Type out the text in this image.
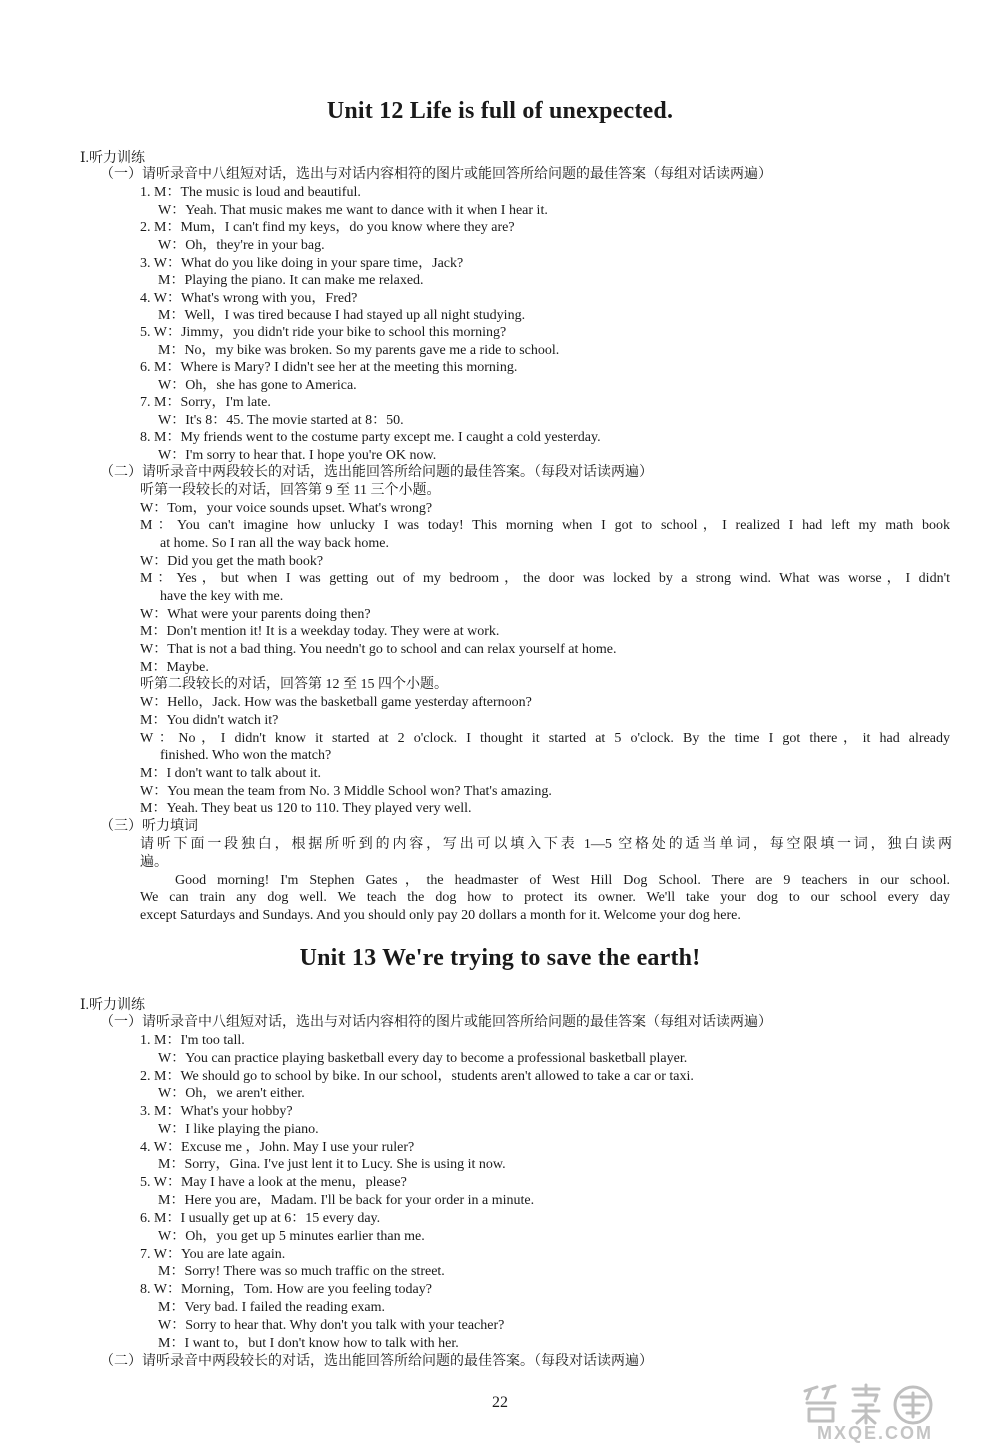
Unit 12 Life is full of unexpected.
Ⅰ.听力训练
（一）请听录音中八组短对话，选出与对话内容相符的图片或能回答所给问题的最佳答案（每组对话读两遍）
1. M：The music is loud and beautiful.
W：Yeah. That music makes me want to dance with it when I hear it.
2. M：Mum，I can't find my keys，do you know where they are?
W：Oh，they're in your bag.
3. W：What do you like doing in your spare time，Jack?
M：Playing the piano. It can make me relaxed.
4. W：What's wrong with you，Fred?
M：Well，I was tired because I had stayed up all night studying.
5. W：Jimmy，you didn't ride your bike to school this morning?
M：No，my bike was broken. So my parents gave me a ride to school.
6. M：Where is Mary? I didn't see her at the meeting this morning.
W：Oh，she has gone to America.
7. M：Sorry，I'm late.
W：It's 8：45. The movie started at 8：50.
8. M：My friends went to the costume party except me. I caught a cold yesterday.
W：I'm sorry to hear that. I hope you're OK now.
（二）请听录音中两段较长的对话，选出能回答所给问题的最佳答案。（每段对话读两遍）
听第一段较长的对话，回答第 9 至 11 三个小题。
W：Tom，your voice sounds upset. What's wrong?
M：You can't imagine how unlucky I was today! This morning when I got to school，I realized I had left my math book
at home. So I ran all the way back home.
W：Did you get the math book?
M：Yes，but when I was getting out of my bedroom，the door was locked by a strong wind. What was worse，I didn't
have the key with me.
W：What were your parents doing then?
M：Don't mention it! It is a weekday today. They were at work.
W：That is not a bad thing. You needn't go to school and can relax yourself at home.
M：Maybe.
听第二段较长的对话，回答第 12 至 15 四个小题。
W：Hello，Jack. How was the basketball game yesterday afternoon?
M：You didn't watch it?
W：No，I didn't know it started at 2 o'clock. I thought it started at 5 o'clock. By the time I got there，it had already
finished. Who won the match?
M：I don't want to talk about it.
W：You mean the team from No. 3 Middle School won? That's amazing.
M：Yeah. They beat us 120 to 110. They played very well.
（三）听力填词
请听下面一段独白，根据所听到的内容，写出可以填入下表 1—5 空格处的适当单词，每空限填一词，独白读两
遍。
Good morning! I'm Stephen Gates，the headmaster of West Hill Dog School. There are 9 teachers in our school.
We can train any dog well. We teach the dog how to protect its owner. We'll take your dog to our school every day
except Saturdays and Sundays. And you should only pay 20 dollars a month for it. Welcome your dog here.
Unit 13 We're trying to save the earth!
Ⅰ.听力训练
（一）请听录音中八组短对话，选出与对话内容相符的图片或能回答所给问题的最佳答案（每组对话读两遍）
1. M：I'm too tall.
W：You can practice playing basketball every day to become a professional basketball player.
2. M：We should go to school by bike. In our school，students aren't allowed to take a car or taxi.
W：Oh，we aren't either.
3. M：What's your hobby?
W：I like playing the piano.
4. W：Excuse me ，John. May I use your ruler?
M：Sorry，Gina. I've just lent it to Lucy. She is using it now.
5. W：May I have a look at the menu，please?
M：Here you are，Madam. I'll be back for your order in a minute.
6. M：I usually get up at 6：15 every day.
W：Oh，you get up 5 minutes earlier than me.
7. W：You are late again.
M：Sorry! There was so much traffic on the street.
8. W：Morning，Tom. How are you feeling today?
M：Very bad. I failed the reading exam.
W：Sorry to hear that. Why don't you talk with your teacher?
M：I want to，but I don't know how to talk with her.
（二）请听录音中两段较长的对话，选出能回答所给问题的最佳答案。（每段对话读两遍）
22
MXQE.COM
